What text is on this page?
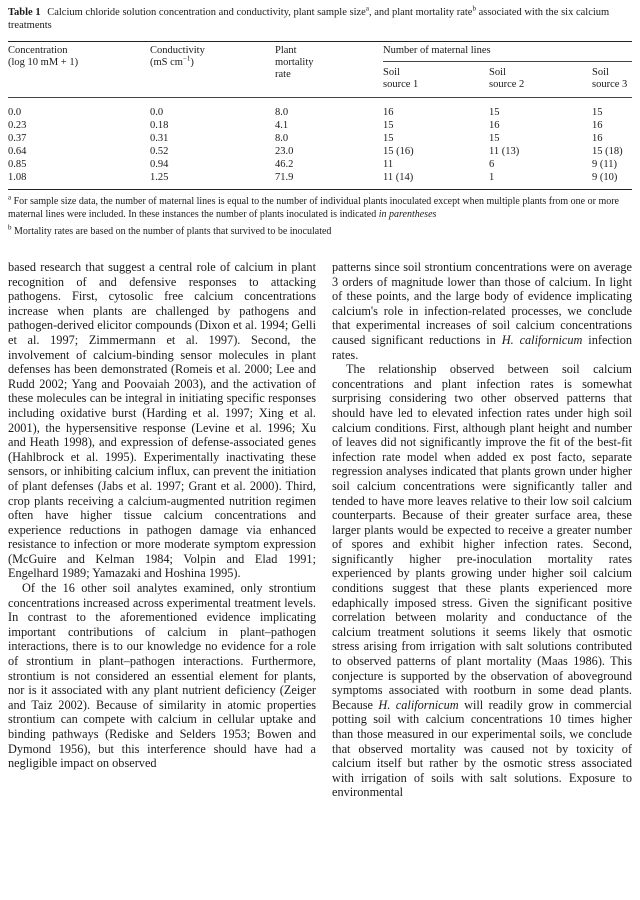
Table 1 Calcium chloride solution concentration and conductivity, plant sample size$^a$, and plant mortality rate$^b$ associated with the six calcium treatments
Concentration
(log 10 mM + 1)
Conductivity
(mS $cm^{-1}$)
Plant
mortality
rate
Number of maternal lines
Soil
source 1
Soil
source 2
Soil
source 3
0.0	0.0	8.0	16	15	15
0.23	0.18	4.1	15	16	16
0.37	0.31	8.0	15	15	16
0.64	0.52	23.0	15 (16)	11 (13)	15 (18)
0.85	0.94	46.2	11	6	9 (11)
1.08	1.25	71.9	11 (14)	1	9 (10)
$^a$ For sample size data, the number of maternal lines is equal to the number of individual plants inoculated except when multiple plants from one or more maternal lines were included. In these instances the number of plants inoculated is indicated in parentheses
$^b$ Mortality rates are based on the number of plants that survived to be inoculated

based research that suggest a central role of calcium in plant recognition of and defensive responses to attacking pathogens. First, cytosolic free calcium concentrations increase when plants are challenged by pathogens and pathogen-derived elicitor compounds (Dixon et al. 1994; Gelli et al. 1997; Zimmermann et al. 1997). Second, the involvement of calcium-binding sensor molecules in plant defenses has been demonstrated (Romeis et al. 2000; Lee and Rudd 2002; Yang and Poovaiah 2003), and the activation of these molecules can be integral in initiating specific responses including oxidative burst (Harding et al. 1997; Xing et al. 2001), the hypersensitive response (Levine et al. 1996; Xu and Heath 1998), and expression of defense-associated genes (Hahlbrock et al. 1995). Experimentally inactivating these sensors, or inhibiting calcium influx, can prevent the initiation of plant defenses (Jabs et al. 1997; Grant et al. 2000). Third, crop plants receiving a calcium-augmented nutrition regimen often have higher tissue calcium concentrations and experience reductions in pathogen damage via enhanced resistance to infection or more moderate symptom expression (McGuire and Kelman 1984; Volpin and Elad 1991; Engelhard 1989; Yamazaki and Hoshina 1995).

Of the 16 other soil analytes examined, only strontium concentrations increased across experimental treatment levels. In contrast to the aforementioned evidence implicating important contributions of calcium in plant–pathogen interactions, there is to our knowledge no evidence for a role of strontium in plant–pathogen interactions. Furthermore, strontium is not considered an essential element for plants, nor is it associated with any plant nutrient deficiency (Zeiger and Taiz 2002). Because of similarity in atomic properties strontium can compete with calcium in cellular uptake and binding pathways (Rediske and Selders 1953; Bowen and Dymond 1956), but this interference should have had a negligible impact on observed

patterns since soil strontium concentrations were on average 3 orders of magnitude lower than those of calcium. In light of these points, and the large body of evidence implicating calcium's role in infection-related processes, we conclude that experimental increases of soil calcium concentrations caused significant reductions in H. californicum infection rates.

The relationship observed between soil calcium concentrations and plant infection rates is somewhat surprising considering two other observed patterns that should have led to elevated infection rates under high soil calcium conditions. First, although plant height and number of leaves did not significantly improve the fit of the best-fit infection rate model when added ex post facto, separate regression analyses indicated that plants grown under higher soil calcium concentrations were significantly taller and tended to have more leaves relative to their low soil calcium counterparts. Because of their greater surface area, these larger plants would be expected to receive a greater number of spores and exhibit higher infection rates. Second, significantly higher pre-inoculation mortality rates experienced by plants growing under higher soil calcium conditions suggest that these plants experienced more edaphically imposed stress. Given the significant positive correlation between molarity and conductance of the calcium treatment solutions it seems likely that osmotic stress arising from irrigation with salt solutions contributed to observed patterns of plant mortality (Maas 1986). This conjecture is supported by the observation of aboveground symptoms associated with rootburn in some dead plants. Because H. californicum will readily grow in commercial potting soil with calcium concentrations 10 times higher than those measured in our experimental soils, we conclude that observed mortality was caused not by toxicity of calcium itself but rather by the osmotic stress associated with irrigation of soils with salt solutions. Exposure to environmental
